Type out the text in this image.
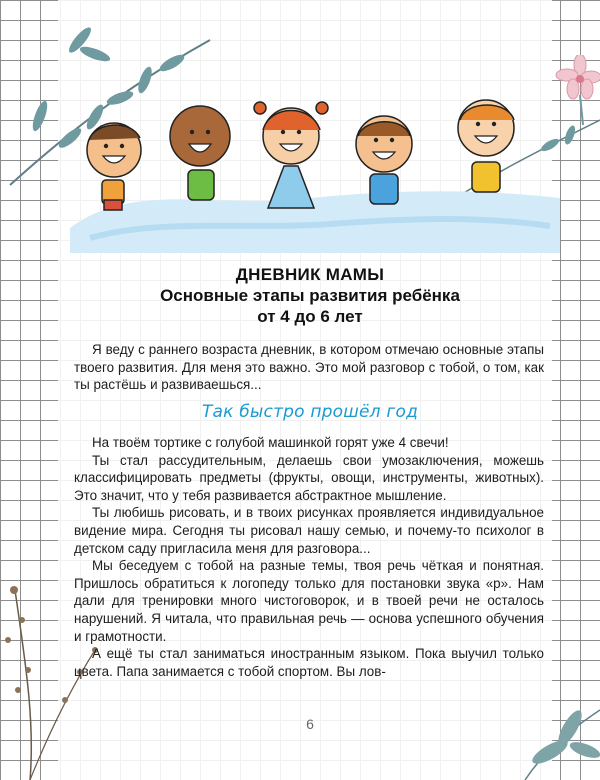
ДНЕВНИК МАМЫ
Основные этапы развития ребёнка
от 4 до 6 лет

Я веду с раннего возраста дневник, в котором отмечаю основные этапы твоего развития. Для меня это важно. Это мой разговор с тобой, о том, как ты растёшь и развиваешься...

Так быстро прошёл год

На твоём тортике с голубой машинкой горят уже 4 свечи!

Ты стал рассудительным, делаешь свои умозаключения, можешь классифицировать предметы (фрукты, овощи, инструменты, животных). Это значит, что у тебя развивается абстрактное мышление.

Ты любишь рисовать, и в твоих рисунках проявляется индивидуальное видение мира. Сегодня ты рисовал нашу семью, и почему-то психолог в детском саду пригласила меня для разговора...

Мы беседуем с тобой на разные темы, твоя речь чёткая и понятная. Пришлось обратиться к логопеду только для постановки звука «р». Нам дали для тренировки много чистоговорок, и в твоей речи не осталось нарушений. Я читала, что правильная речь — основа успешного обучения и грамотности.

А ещё ты стал заниматься иностранным языком. Пока выучил только цвета. Папа занимается с тобой спортом. Вы лов-

6
